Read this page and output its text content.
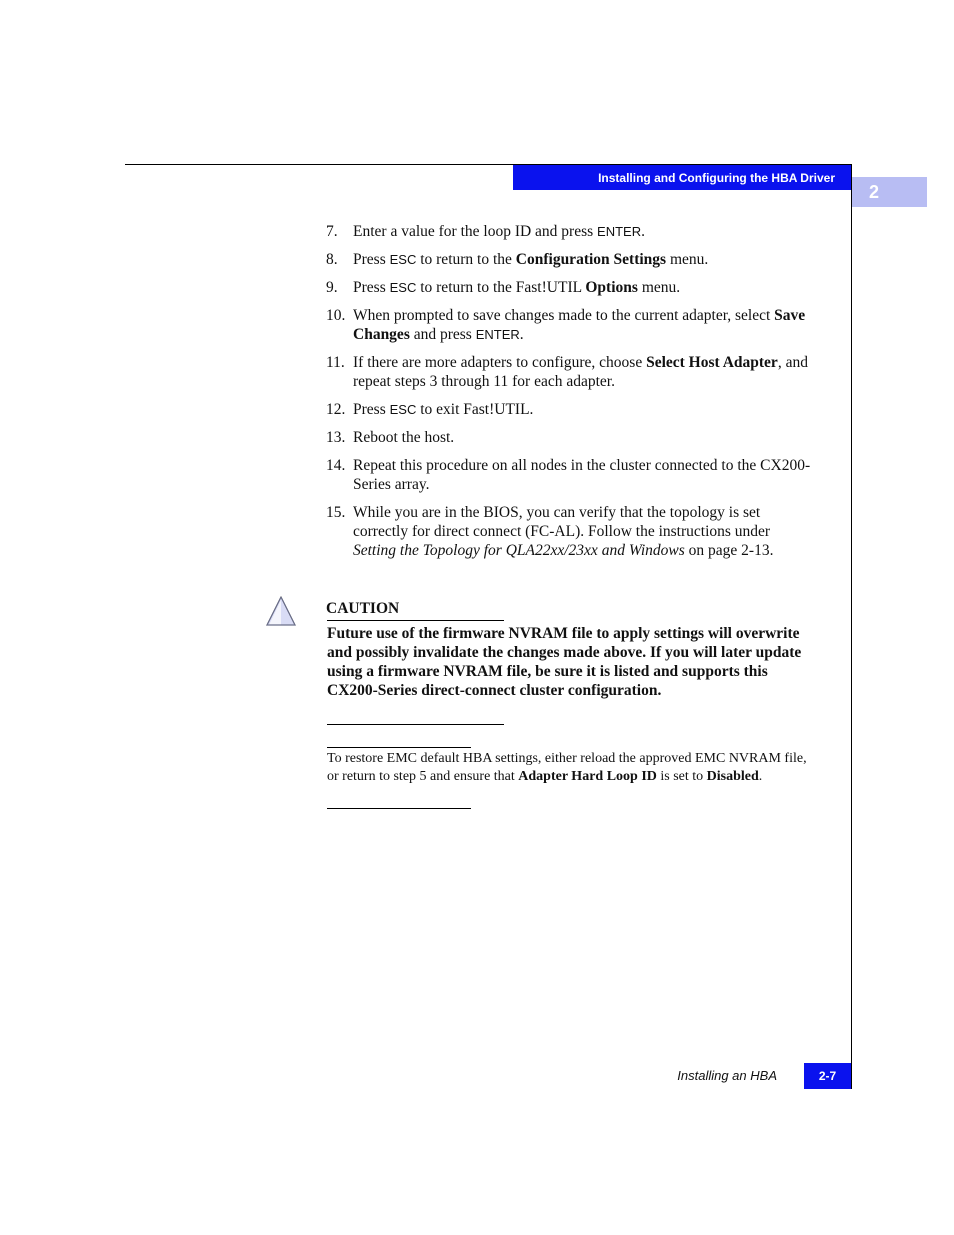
Installing and Configuring the HBA Driver
2
7. Enter a value for the loop ID and press ENTER.
8. Press ESC to return to the Configuration Settings menu.
9. Press ESC to return to the Fast!UTIL Options menu.
10. When prompted to save changes made to the current adapter, select Save Changes and press ENTER.
11. If there are more adapters to configure, choose Select Host Adapter, and repeat steps 3 through 11 for each adapter.
12. Press ESC to exit Fast!UTIL.
13. Reboot the host.
14. Repeat this procedure on all nodes in the cluster connected to the CX200-Series array.
15. While you are in the BIOS, you can verify that the topology is set correctly for direct connect (FC-AL). Follow the instructions under Setting the Topology for QLA22xx/23xx and Windows on page 2-13.
CAUTION
Future use of the firmware NVRAM file to apply settings will overwrite and possibly invalidate the changes made above. If you will later update using a firmware NVRAM file, be sure it is listed and supports this CX200-Series direct-connect cluster configuration.
To restore EMC default HBA settings, either reload the approved EMC NVRAM file, or return to step 5 and ensure that Adapter Hard Loop ID is set to Disabled.
Installing an HBA	2-7
